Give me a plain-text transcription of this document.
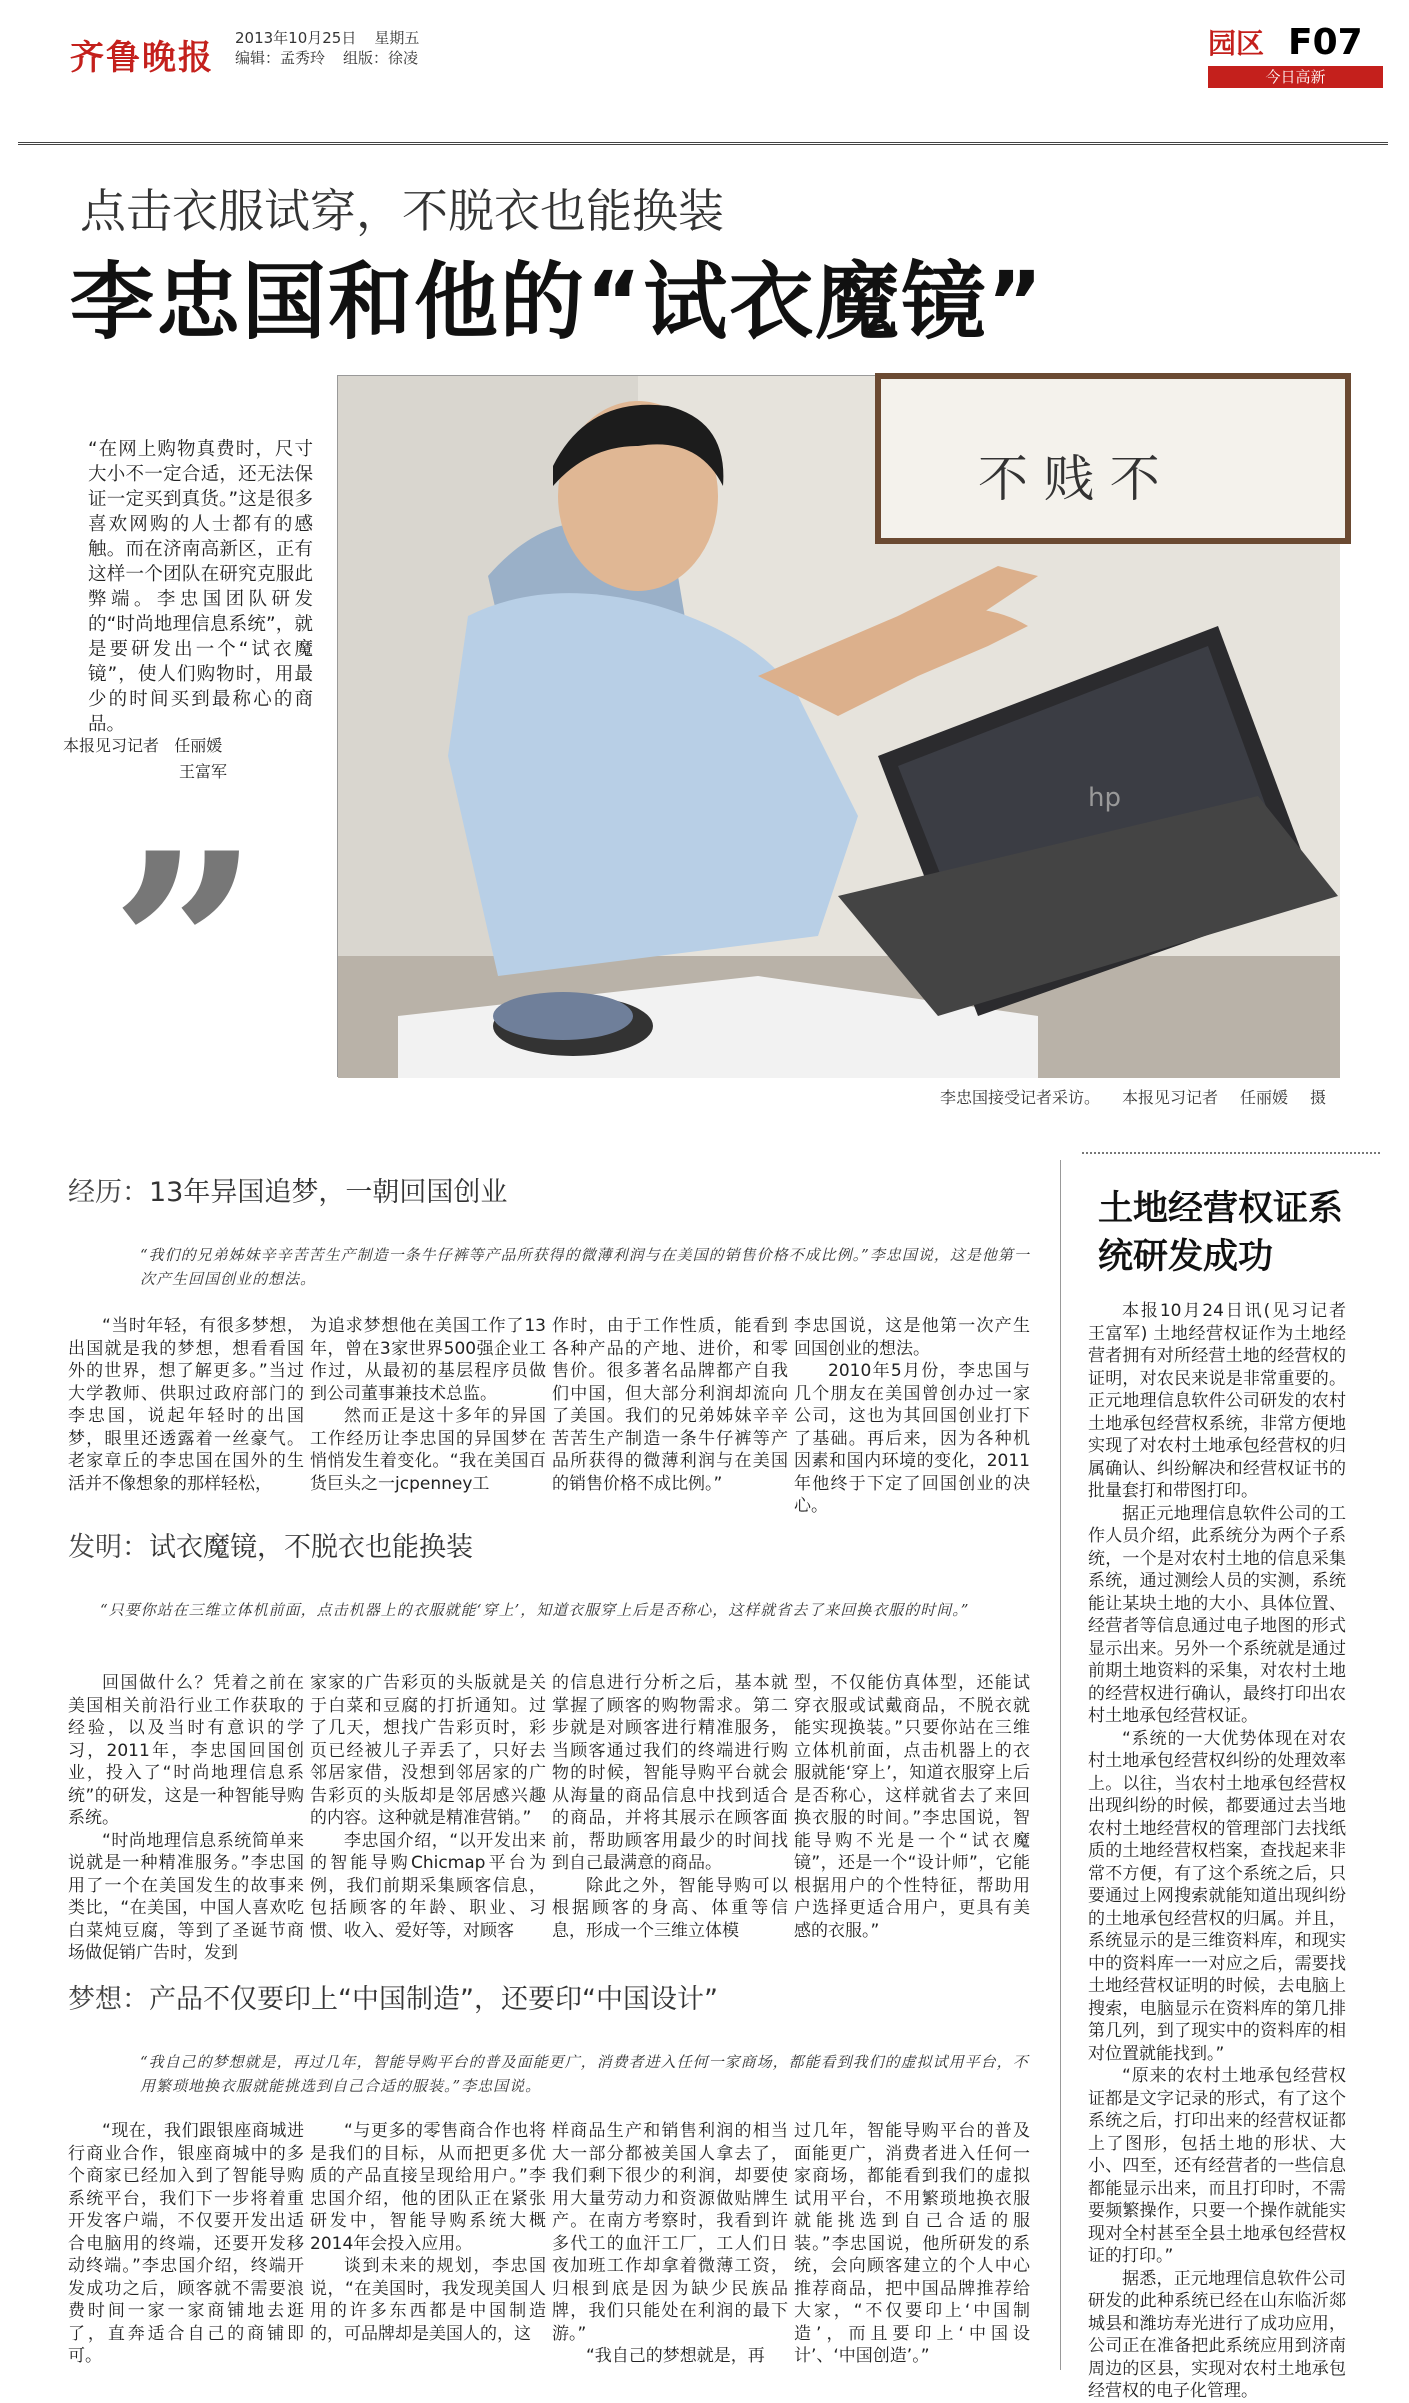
齐鲁晚报 2013年10月25日 星期五
编辑：孟秀玲 组版：徐凌	园区 F07
今日高新
点击衣服试穿，不脱衣也能换装
李忠国和他的“试衣魔镜”
不 贱 不
hp
李忠国接受记者采访。 本报见习记者 任丽媛 摄
“在网上购物真费时，尺寸大小不一定合适，还无法保证一定买到真货。”这是很多喜欢网购的人士都有的感触。而在济南高新区，正有这样一个团队在研究克服此弊端。李忠国团队研发的“时尚地理信息系统”，就是要研发出一个“试衣魔镜”，使人们购物时，用最少的时间买到最称心的商品。
本报见习记者 任丽媛
王富军
”
经历：13年异国追梦，一朝回国创业
“我们的兄弟姊妹辛辛苦苦生产制造一条牛仔裤等产品所获得的微薄利润与在美国的销售价格不成比例。”李忠国说，这是他第一次产生回国创业的想法。

“当时年轻，有很多梦想，出国就是我的梦想，想看看国外的世界，想了解更多。”当过大学教师、供职过政府部门的李忠国，说起年轻时的出国梦，眼里还透露着一丝豪气。老家章丘的李忠国在国外的生活并不像想象的那样轻松，

为追求梦想他在美国工作了13年，曾在3家世界500强企业工作过，从最初的基层程序员做到公司董事兼技术总监。

然而正是这十多年的异国工作经历让李忠国的异国梦在悄悄发生着变化。“我在美国百货巨头之一jcpenney工

作时，由于工作性质，能看到各种产品的产地、进价，和零售价。很多著名品牌都产自我们中国，但大部分利润却流向了美国。我们的兄弟姊妹辛辛苦苦生产制造一条牛仔裤等产品所获得的微薄利润与在美国的销售价格不成比例。”

李忠国说，这是他第一次产生回国创业的想法。

2010年5月份，李忠国与几个朋友在美国曾创办过一家公司，这也为其回国创业打下了基础。再后来，因为各种机因素和国内环境的变化，2011年他终于下定了回国创业的决心。

发明：试衣魔镜，不脱衣也能换装
“只要你站在三维立体机前面，点击机器上的衣服就能‘穿上’，知道衣服穿上后是否称心，这样就省去了来回换衣服的时间。”

回国做什么？凭着之前在美国相关前沿行业工作获取的经验，以及当时有意识的学习，2011年，李忠国回国创业，投入了“时尚地理信息系统”的研发，这是一种智能导购系统。

“时尚地理信息系统简单来说就是一种精准服务。”李忠国用了一个在美国发生的故事来类比，“在美国，中国人喜欢吃白菜炖豆腐，等到了圣诞节商场做促销广告时，发到

家家的广告彩页的头版就是关于白菜和豆腐的打折通知。过了几天，想找广告彩页时，彩页已经被儿子弄丢了，只好去邻居家借，没想到邻居家的广告彩页的头版却是邻居感兴趣的内容。这种就是精准营销。”

李忠国介绍，“以开发出来的智能导购Chicmap平台为例，我们前期采集顾客信息，包括顾客的年龄、职业、习惯、收入、爱好等，对顾客

的信息进行分析之后，基本就掌握了顾客的购物需求。第二步就是对顾客进行精准服务，当顾客通过我们的终端进行购物的时候，智能导购平台就会从海量的商品信息中找到适合的商品，并将其展示在顾客面前，帮助顾客用最少的时间找到自己最满意的商品。

除此之外，智能导购可以根据顾客的身高、体重等信息，形成一个三维立体模

型，不仅能仿真体型，还能试穿衣服或试戴商品，不脱衣就能实现换装。”只要你站在三维立体机前面，点击机器上的衣服就能‘穿上’，知道衣服穿上后是否称心，这样就省去了来回换衣服的时间。”李忠国说，智能导购不光是一个“试衣魔镜”，还是一个“设计师”，它能根据用户的个性特征，帮助用户选择更适合用户，更具有美感的衣服。”

梦想：产品不仅要印上“中国制造”，还要印“中国设计”
“我自己的梦想就是，再过几年，智能导购平台的普及面能更广，消费者进入任何一家商场，都能看到我们的虚拟试用平台，不用繁琐地换衣服就能挑选到自己合适的服装。”李忠国说。

“现在，我们跟银座商城进行商业合作，银座商城中的多个商家已经加入到了智能导购系统平台，我们下一步将着重开发客户端，不仅要开发出适合电脑用的终端，还要开发移动终端。”李忠国介绍，终端开发成功之后，顾客就不需要浪费时间一家一家商铺地去逛了，直奔适合自己的商铺即可。

“与更多的零售商合作也将是我们的目标，从而把更多优质的产品直接呈现给用户。”李忠国介绍，他的团队正在紧张研发中，智能导购系统大概2014年会投入应用。

谈到未来的规划，李忠国说，“在美国时，我发现美国人用的许多东西都是中国制造的，可品牌却是美国人的，这

样商品生产和销售利润的相当大一部分都被美国人拿去了，我们剩下很少的利润，却要使用大量劳动力和资源做贴牌生产。在南方考察时，我看到许多代工的血汗工厂，工人们日夜加班工作却拿着微薄工资，归根到底是因为缺少民族品牌，我们只能处在利润的最下游。”

“我自己的梦想就是，再

过几年，智能导购平台的普及面能更广，消费者进入任何一家商场，都能看到我们的虚拟试用平台，不用繁琐地换衣服就能挑选到自己合适的服装。”李忠国说，他所研发的系统，会向顾客建立的个人中心推荐商品，把中国品牌推荐给大家，“不仅要印上‘中国制造’，而且要印上‘中国设计’、‘中国创造’。”

土地经营权证系统研发成功

本报10月24日讯(见习记者 王富军) 土地经营权证作为土地经营者拥有对所经营土地的经营权的证明，对农民来说是非常重要的。正元地理信息软件公司研发的农村土地承包经营权系统，非常方便地实现了对农村土地承包经营权的归属确认、纠纷解决和经营权证书的批量套打和带图打印。

据正元地理信息软件公司的工作人员介绍，此系统分为两个子系统，一个是对农村土地的信息采集系统，通过测绘人员的实测，系统能让某块土地的大小、具体位置、经营者等信息通过电子地图的形式显示出来。另外一个系统就是通过前期土地资料的采集，对农村土地的经营权进行确认，最终打印出农村土地承包经营权证。

“系统的一大优势体现在对农村土地承包经营权纠纷的处理效率上。以往，当农村土地承包经营权出现纠纷的时候，都要通过去当地农村土地经营权的管理部门去找纸质的土地经营权档案，查找起来非常不方便，有了这个系统之后，只要通过上网搜索就能知道出现纠纷的土地承包经营权的归属。并且，系统显示的是三维资料库，和现实中的资料库一一对应之后，需要找土地经营权证明的时候，去电脑上搜索，电脑显示在资料库的第几排第几列，到了现实中的资料库的相对位置就能找到。”

“原来的农村土地承包经营权证都是文字记录的形式，有了这个系统之后，打印出来的经营权证都上了图形，包括土地的形状、大小、四至，还有经营者的一些信息都能显示出来，而且打印时，不需要频繁操作，只要一个操作就能实现对全村甚至全县土地承包经营权证的打印。”

据悉，正元地理信息软件公司研发的此种系统已经在山东临沂郯城县和潍坊寿光进行了成功应用，公司正在准备把此系统应用到济南周边的区县，实现对农村土地承包经营权的电子化管理。
